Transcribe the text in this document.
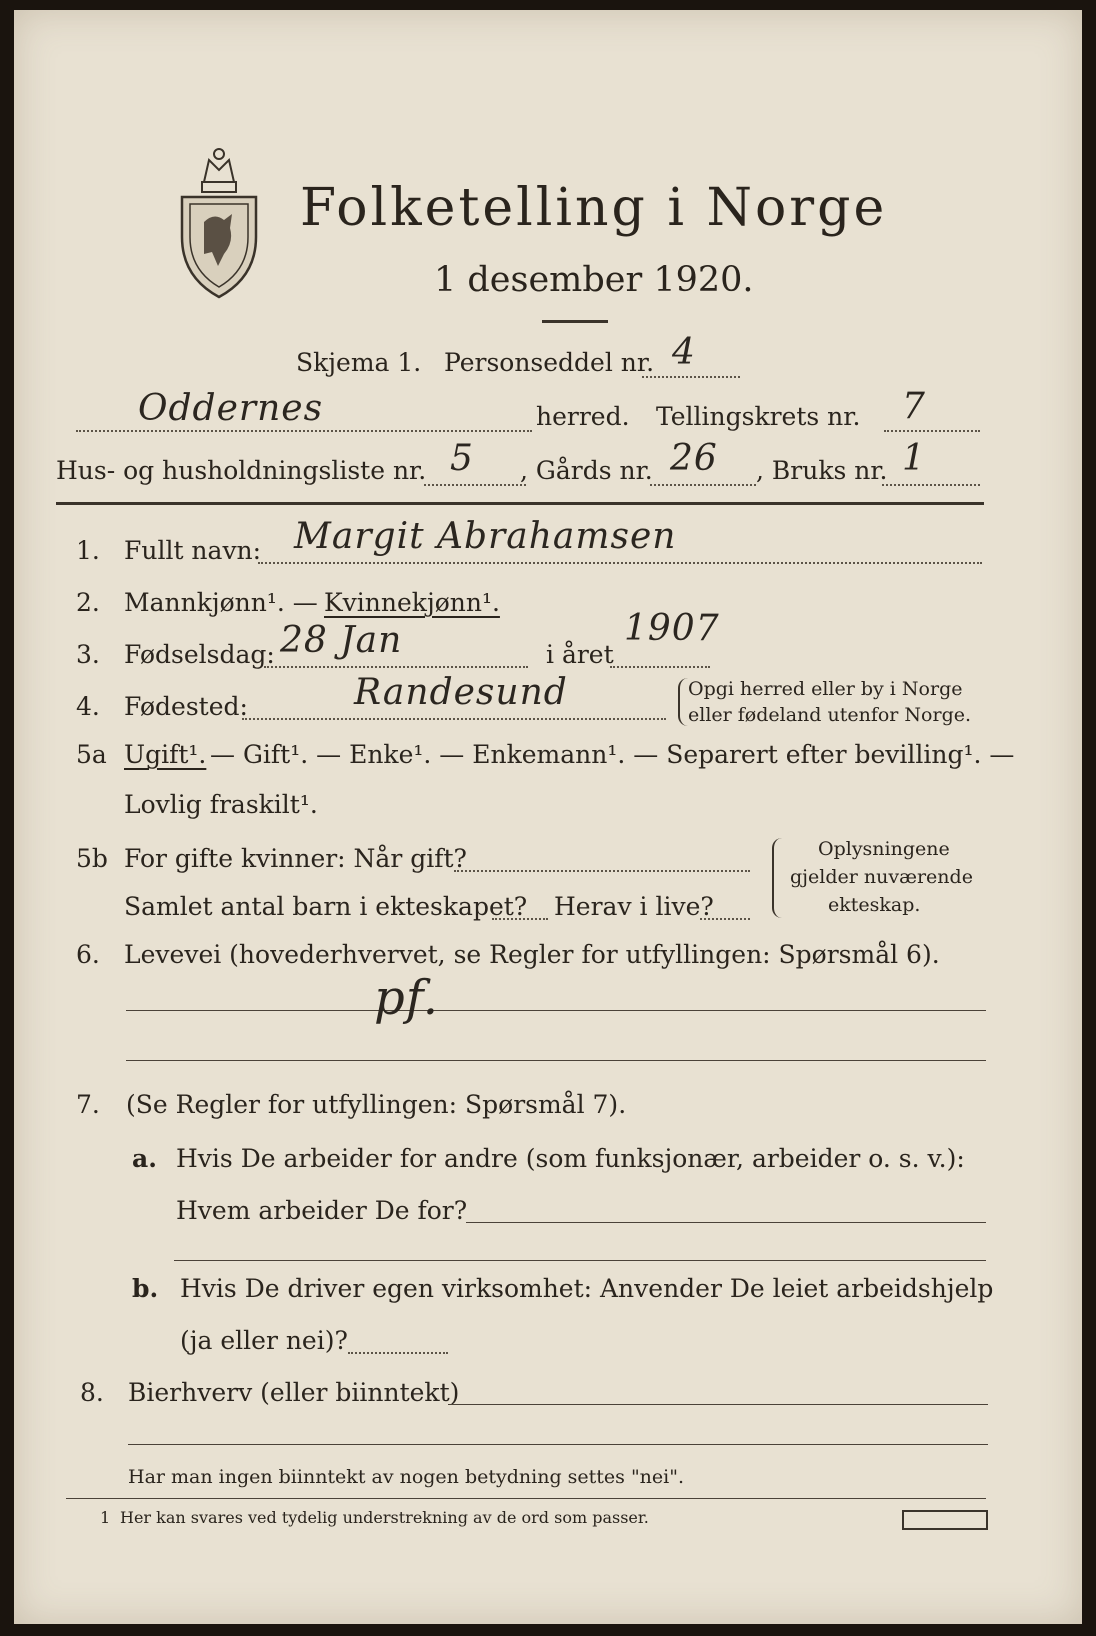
Folketelling i Norge
1 desember 1920.
Skjema 1. Personseddel nr. 4
Oddernes	herred. Tellingskrets nr. 7
Hus- og husholdningsliste nr. 5 , Gårds nr. 26 , Bruks nr. 1
1. Fullt navn: Margit Abrahamsen
2. Mannkjønn¹. — Kvinnekjønn¹.
3. Fødselsdag: 28 Jan	i året
1907
4. Fødested:	Randesund	Opgi herred eller by i Norge
eller fødeland utenfor Norge.
5a Ugift¹. — Gift¹. — Enke¹. — Enkemann¹. — Separert efter bevilling¹. —
Lovlig fraskilt¹.
5b For gifte kvinner: Når gift?
Samlet antal barn i ekteskapet? Herav i live?
Oplysningene
gjelder nuværende
ekteskap.
6. Levevei (hovederhvervet, se Regler for utfyllingen: Spørsmål 6).
pf.
7. (Se Regler for utfyllingen: Spørsmål 7).
a. Hvis De arbeider for andre (som funksjonær, arbeider o. s. v.):
Hvem arbeider De for?
b. Hvis De driver egen virksomhet: Anvender De leiet arbeidshjelp
(ja eller nei)?
8. Bierhverv (eller biinntekt)
Har man ingen biinntekt av nogen betydning settes "nei".
1 Her kan svares ved tydelig understrekning av de ord som passer.
